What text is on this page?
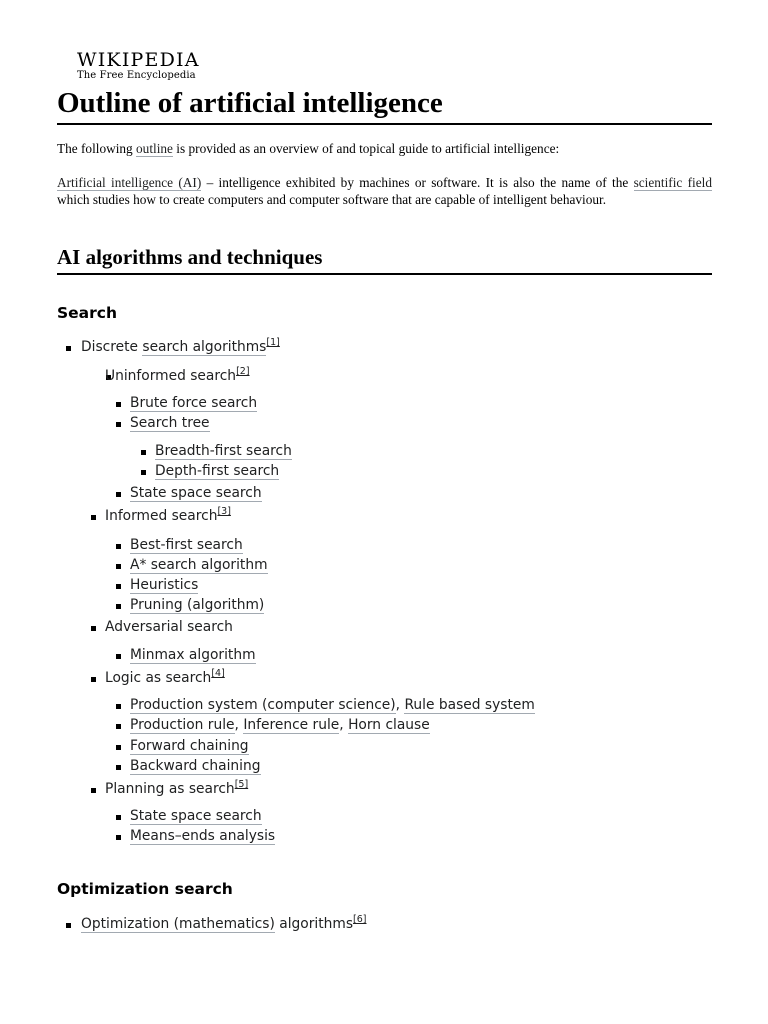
WIKIPEDIA
The Free Encyclopedia
Outline of artificial intelligence

The following outline is provided as an overview of and topical guide to artificial intelligence:

Artificial intelligence (AI) – intelligence exhibited by machines or software. It is also the name of the scientific field which studies how to create computers and computer software that are capable of intelligent behaviour.

AI algorithms and techniques
Search
Discrete search algorithms[1]
Uninformed search[2]
Brute force search
Search tree
Breadth-first search
Depth-first search
State space search
Informed search[3]
Best-first search
A* search algorithm
Heuristics
Pruning (algorithm)
Adversarial search
Minmax algorithm
Logic as search[4]
Production system (computer science), Rule based system
Production rule, Inference rule, Horn clause
Forward chaining
Backward chaining
Planning as search[5]
State space search
Means–ends analysis
Optimization search
Optimization (mathematics) algorithms[6]
